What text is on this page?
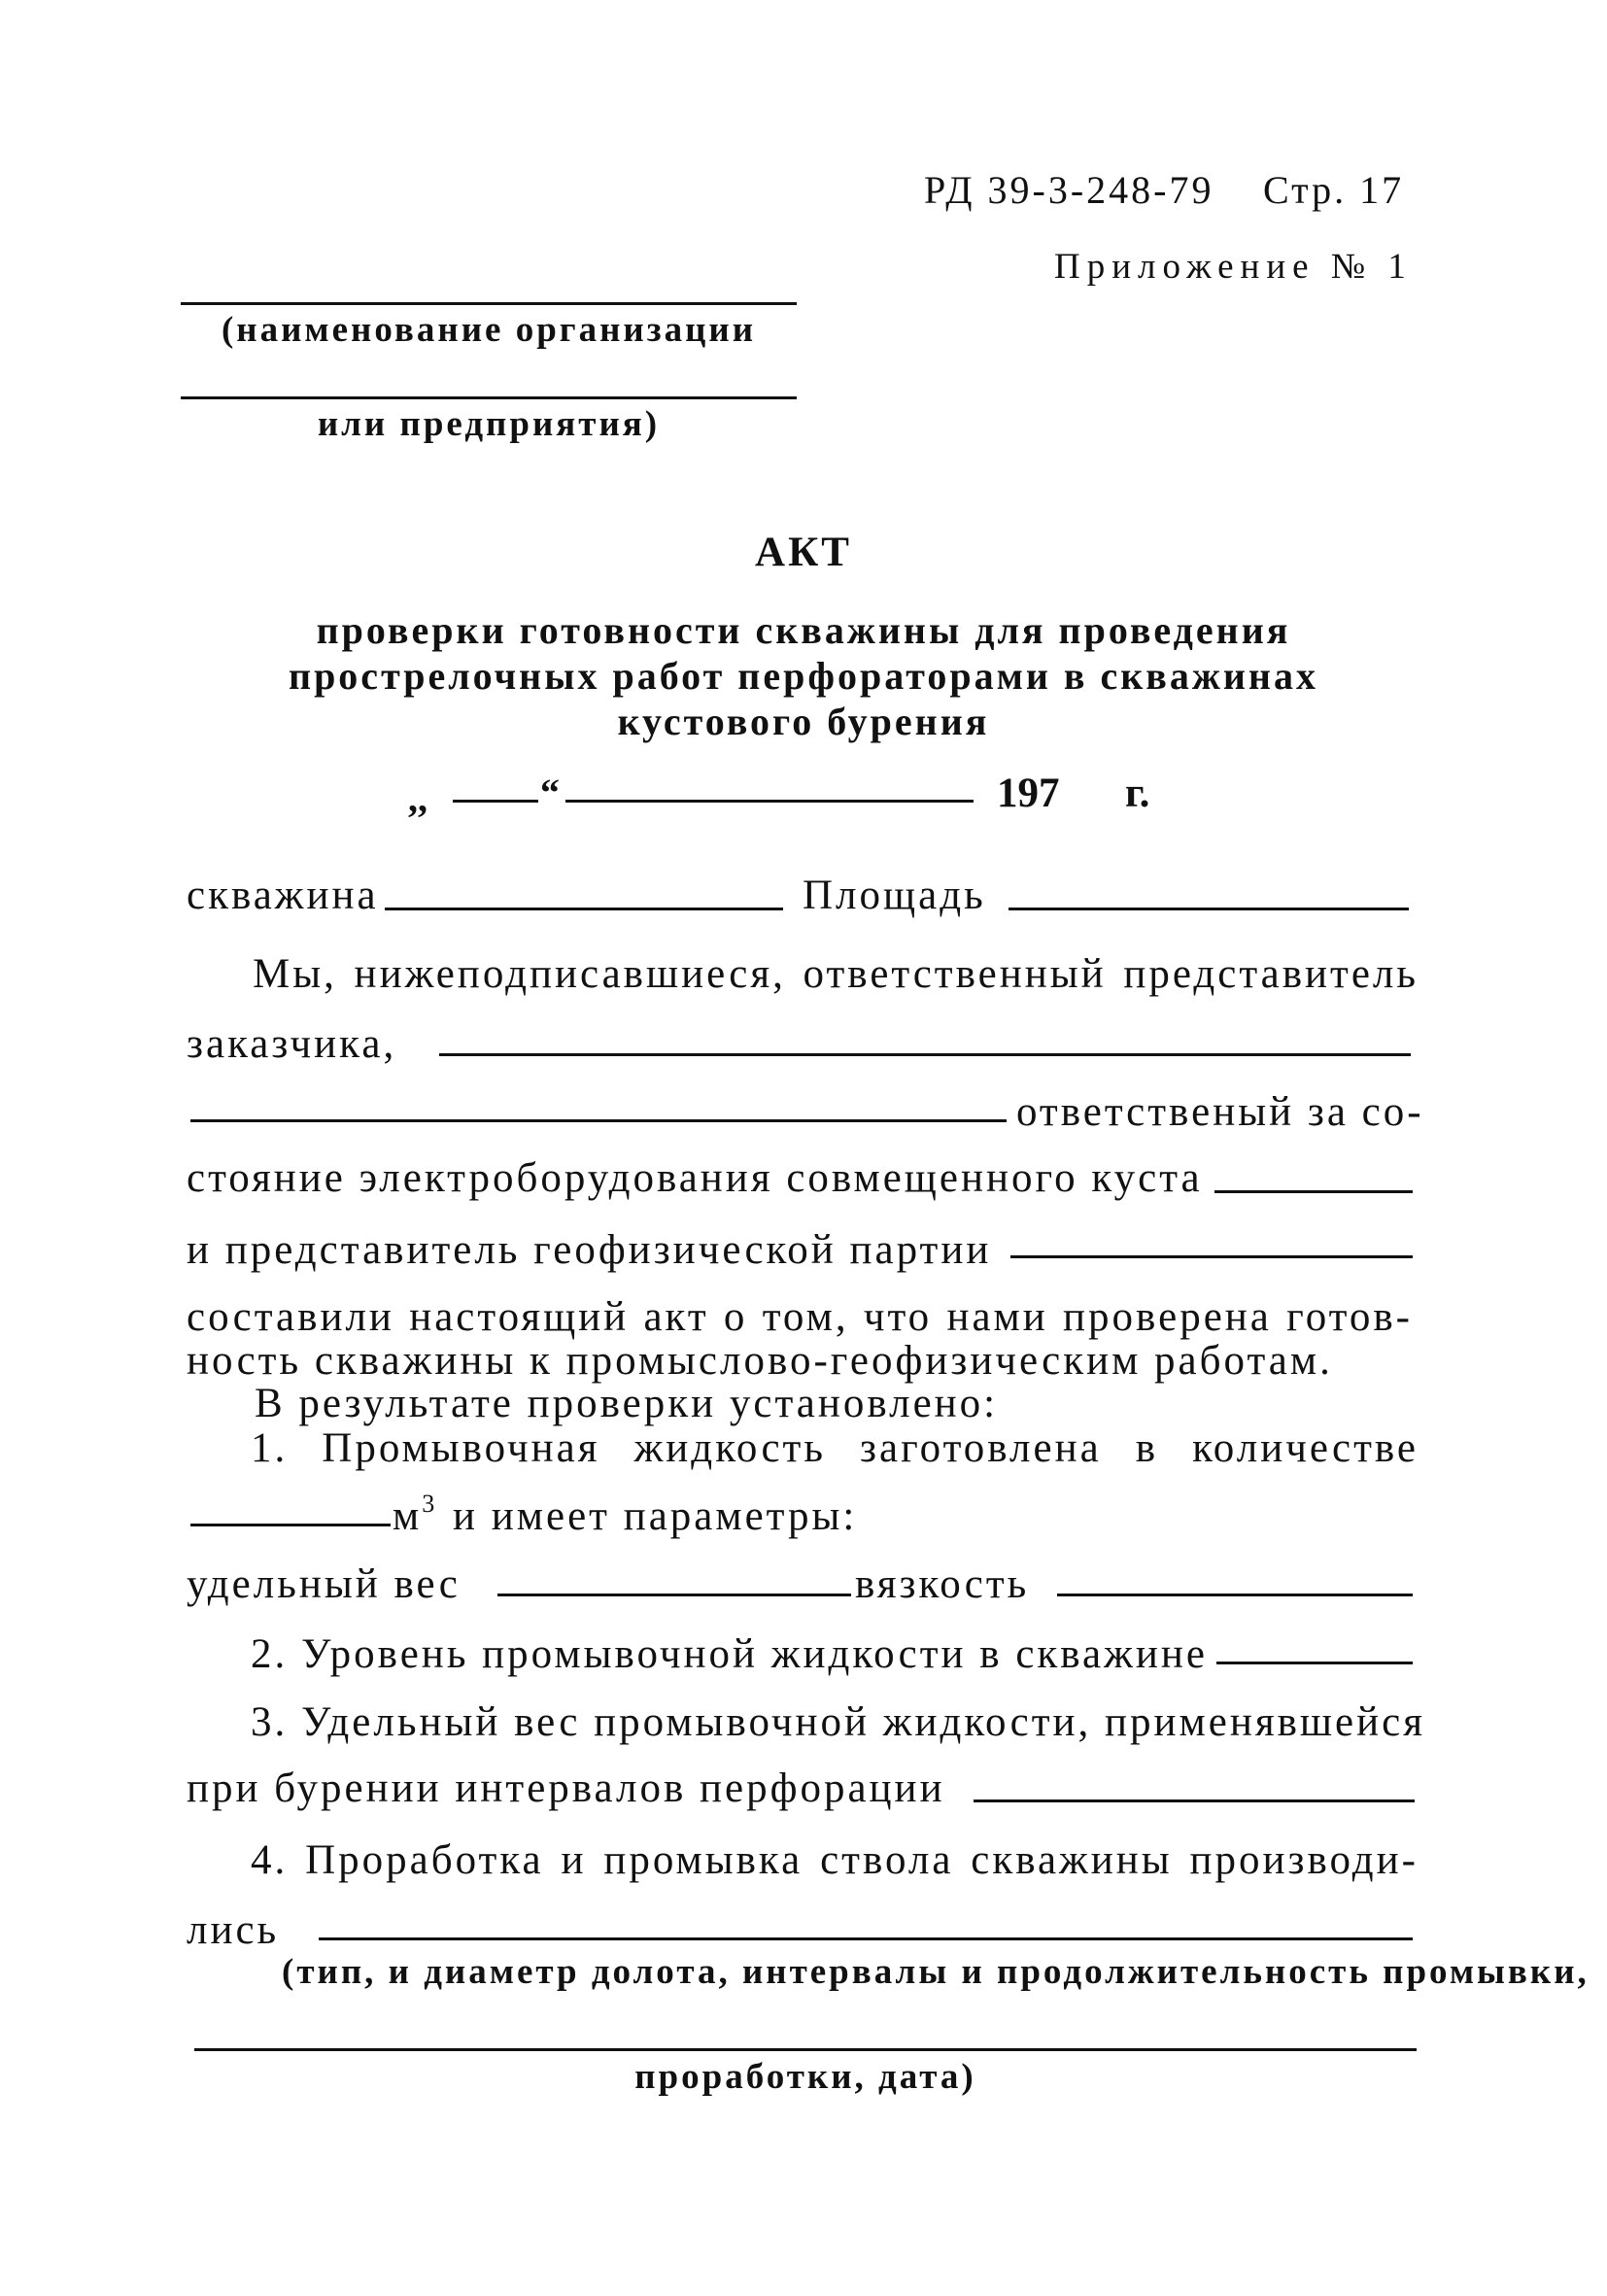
РД 39-3-248-79 Стр. 17
Приложение № 1
(наименование организации
или предприятия)
АКТ
проверки готовности скважины для проведения
прострелочных работ перфораторами в скважинах
кустового бурения
,,	“	197 г.
скважина	Площадь
Мы, нижеподписавшиеся, ответственный представитель
заказчика,
ответственый за со-
стояние электроборудования совмещенного куста
и представитель геофизической партии
составили настоящий акт о том, что нами проверена готов-
ность скважины к промыслово-геофизическим работам.
В результате проверки установлено:
1. Промывочная жидкость заготовлена в количестве
$м^3$ и имеет параметры:
удельный вес	вязкость
2. Уровень промывочной жидкости в скважине
3. Удельный вес промывочной жидкости, применявшейся
при бурении интервалов перфорации
4. Проработка и промывка ствола скважины производи-
лись
(тип, и диаметр долота, интервалы и продолжительность промывки,
проработки, дата)
